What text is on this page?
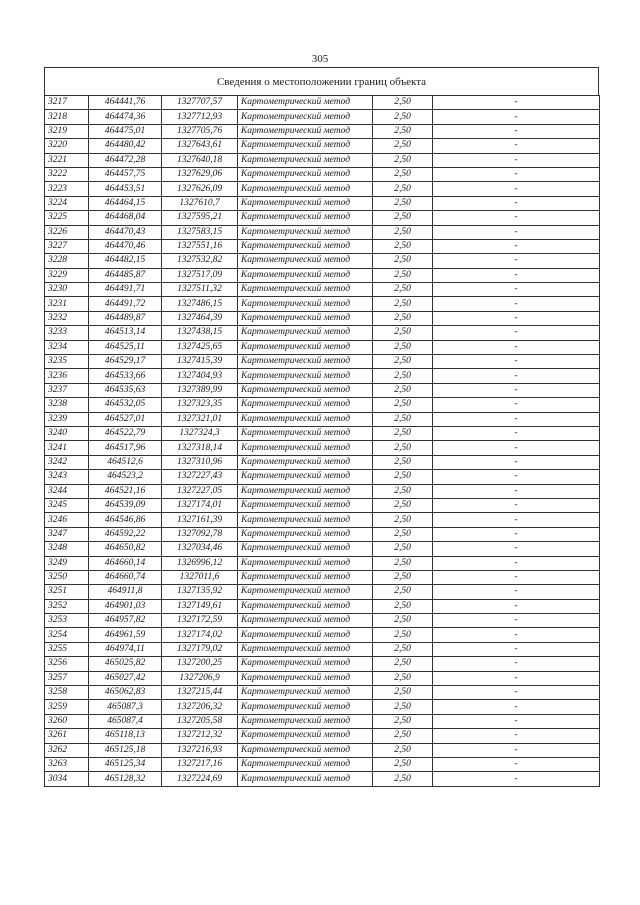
305
Сведения о местоположении границ объекта
3217	464441,76	1327707,57	Картометрический метод	2,50	-
3218	464474,36	1327712,93	Картометрический метод	2,50	-
3219	464475,01	1327705,76	Картометрический метод	2,50	-
3220	464480,42	1327643,61	Картометрический метод	2,50	-
3221	464472,28	1327640,18	Картометрический метод	2,50	-
3222	464457,75	1327629,06	Картометрический метод	2,50	-
3223	464453,51	1327626,09	Картометрический метод	2,50	-
3224	464464,15	1327610,7	Картометрический метод	2,50	-
3225	464468,04	1327595,21	Картометрический метод	2,50	-
3226	464470,43	1327583,15	Картометрический метод	2,50	-
3227	464470,46	1327551,16	Картометрический метод	2,50	-
3228	464482,15	1327532,82	Картометрический метод	2,50	-
3229	464485,87	1327517,09	Картометрический метод	2,50	-
3230	464491,71	1327511,32	Картометрический метод	2,50	-
3231	464491,72	1327486,15	Картометрический метод	2,50	-
3232	464489,87	1327464,39	Картометрический метод	2,50	-
3233	464513,14	1327438,15	Картометрический метод	2,50	-
3234	464525,11	1327425,65	Картометрический метод	2,50	-
3235	464529,17	1327415,39	Картометрический метод	2,50	-
3236	464533,66	1327404,93	Картометрический метод	2,50	-
3237	464535,63	1327389,99	Картометрический метод	2,50	-
3238	464532,05	1327323,35	Картометрический метод	2,50	-
3239	464527,01	1327321,01	Картометрический метод	2,50	-
3240	464522,79	1327324,3	Картометрический метод	2,50	-
3241	464517,96	1327318,14	Картометрический метод	2,50	-
3242	464512,6	1327310,96	Картометрический метод	2,50	-
3243	464523,2	1327227,43	Картометрический метод	2,50	-
3244	464521,16	1327227,05	Картометрический метод	2,50	-
3245	464539,09	1327174,01	Картометрический метод	2,50	-
3246	464546,86	1327161,39	Картометрический метод	2,50	-
3247	464592,22	1327092,78	Картометрический метод	2,50	-
3248	464650,82	1327034,46	Картометрический метод	2,50	-
3249	464660,14	1326996,12	Картометрический метод	2,50	-
3250	464660,74	1327011,6	Картометрический метод	2,50	-
3251	464911,8	1327135,92	Картометрический метод	2,50	-
3252	464901,03	1327149,61	Картометрический метод	2,50	-
3253	464957,82	1327172,59	Картометрический метод	2,50	-
3254	464961,59	1327174,02	Картометрический метод	2,50	-
3255	464974,11	1327179,02	Картометрический метод	2,50	-
3256	465025,82	1327200,25	Картометрический метод	2,50	-
3257	465027,42	1327206,9	Картометрический метод	2,50	-
3258	465062,83	1327215,44	Картометрический метод	2,50	-
3259	465087,3	1327206,32	Картометрический метод	2,50	-
3260	465087,4	1327205,58	Картометрический метод	2,50	-
3261	465118,13	1327212,32	Картометрический метод	2,50	-
3262	465125,18	1327216,93	Картометрический метод	2,50	-
3263	465125,34	1327217,16	Картометрический метод	2,50	-
3034	465128,32	1327224,69	Картометрический метод	2,50	-
